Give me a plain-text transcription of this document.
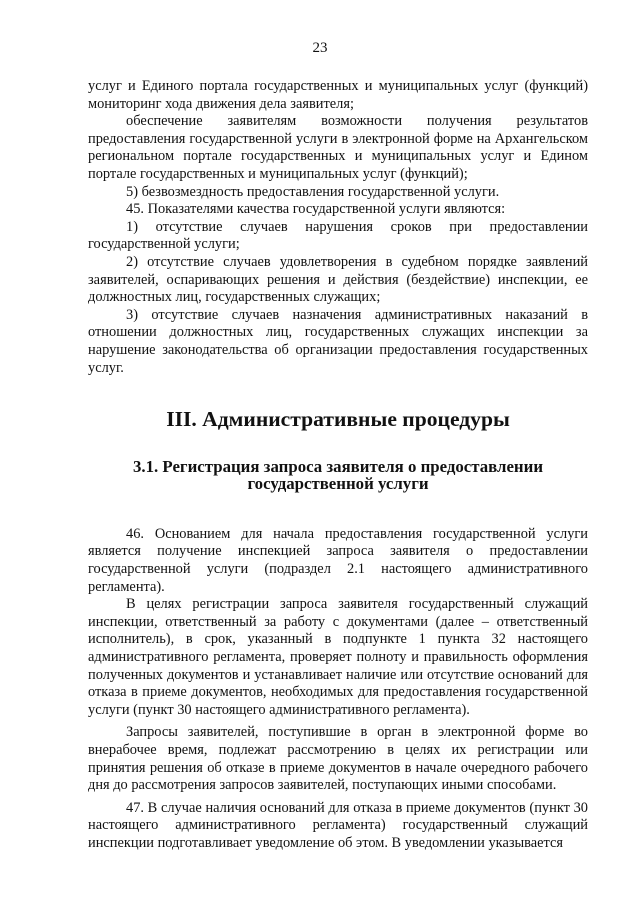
23

услуг и Единого портала государственных и муниципальных услуг (функций) мониторинг хода движения дела заявителя;

обеспечение заявителям возможности получения результатов предоставления государственной услуги в электронной форме на Архангельском региональном портале государственных и муниципальных услуг и Едином портале государственных и муниципальных услуг (функций);

5) безвозмездность предоставления государственной услуги.

45. Показателями качества государственной услуги являются:

1) отсутствие случаев нарушения сроков при предоставлении государственной услуги;

2) отсутствие случаев удовлетворения в судебном порядке заявлений заявителей, оспаривающих решения и действия (бездействие) инспекции, ее должностных лиц, государственных служащих;

3) отсутствие случаев назначения административных наказаний в отношении должностных лиц, государственных служащих инспекции за нарушение законодательства об организации предоставления государственных услуг.

III. Административные процедуры
3.1. Регистрация запроса заявителя о предоставлении
государственной услуги

46. Основанием для начала предоставления государственной услуги является получение инспекцией запроса заявителя о предоставлении государственной услуги (подраздел 2.1 настоящего административного регламента).

В целях регистрации запроса заявителя государственный служащий инспекции, ответственный за работу с документами (далее – ответственный исполнитель), в срок, указанный в подпункте 1 пункта 32 настоящего административного регламента, проверяет полноту и правильность оформления полученных документов и устанавливает наличие или отсутствие оснований для отказа в приеме документов, необходимых для предоставления государственной услуги (пункт 30 настоящего административного регламента).

Запросы заявителей, поступившие в орган в электронной форме во внерабочее время, подлежат рассмотрению в целях их регистрации или принятия решения об отказе в приеме документов в начале очередного рабочего дня до рассмотрения запросов заявителей, поступающих иными способами.

47. В случае наличия оснований для отказа в приеме документов (пункт 30 настоящего административного регламента) государственный служащий инспекции подготавливает уведомление об этом. В уведомлении указывается
